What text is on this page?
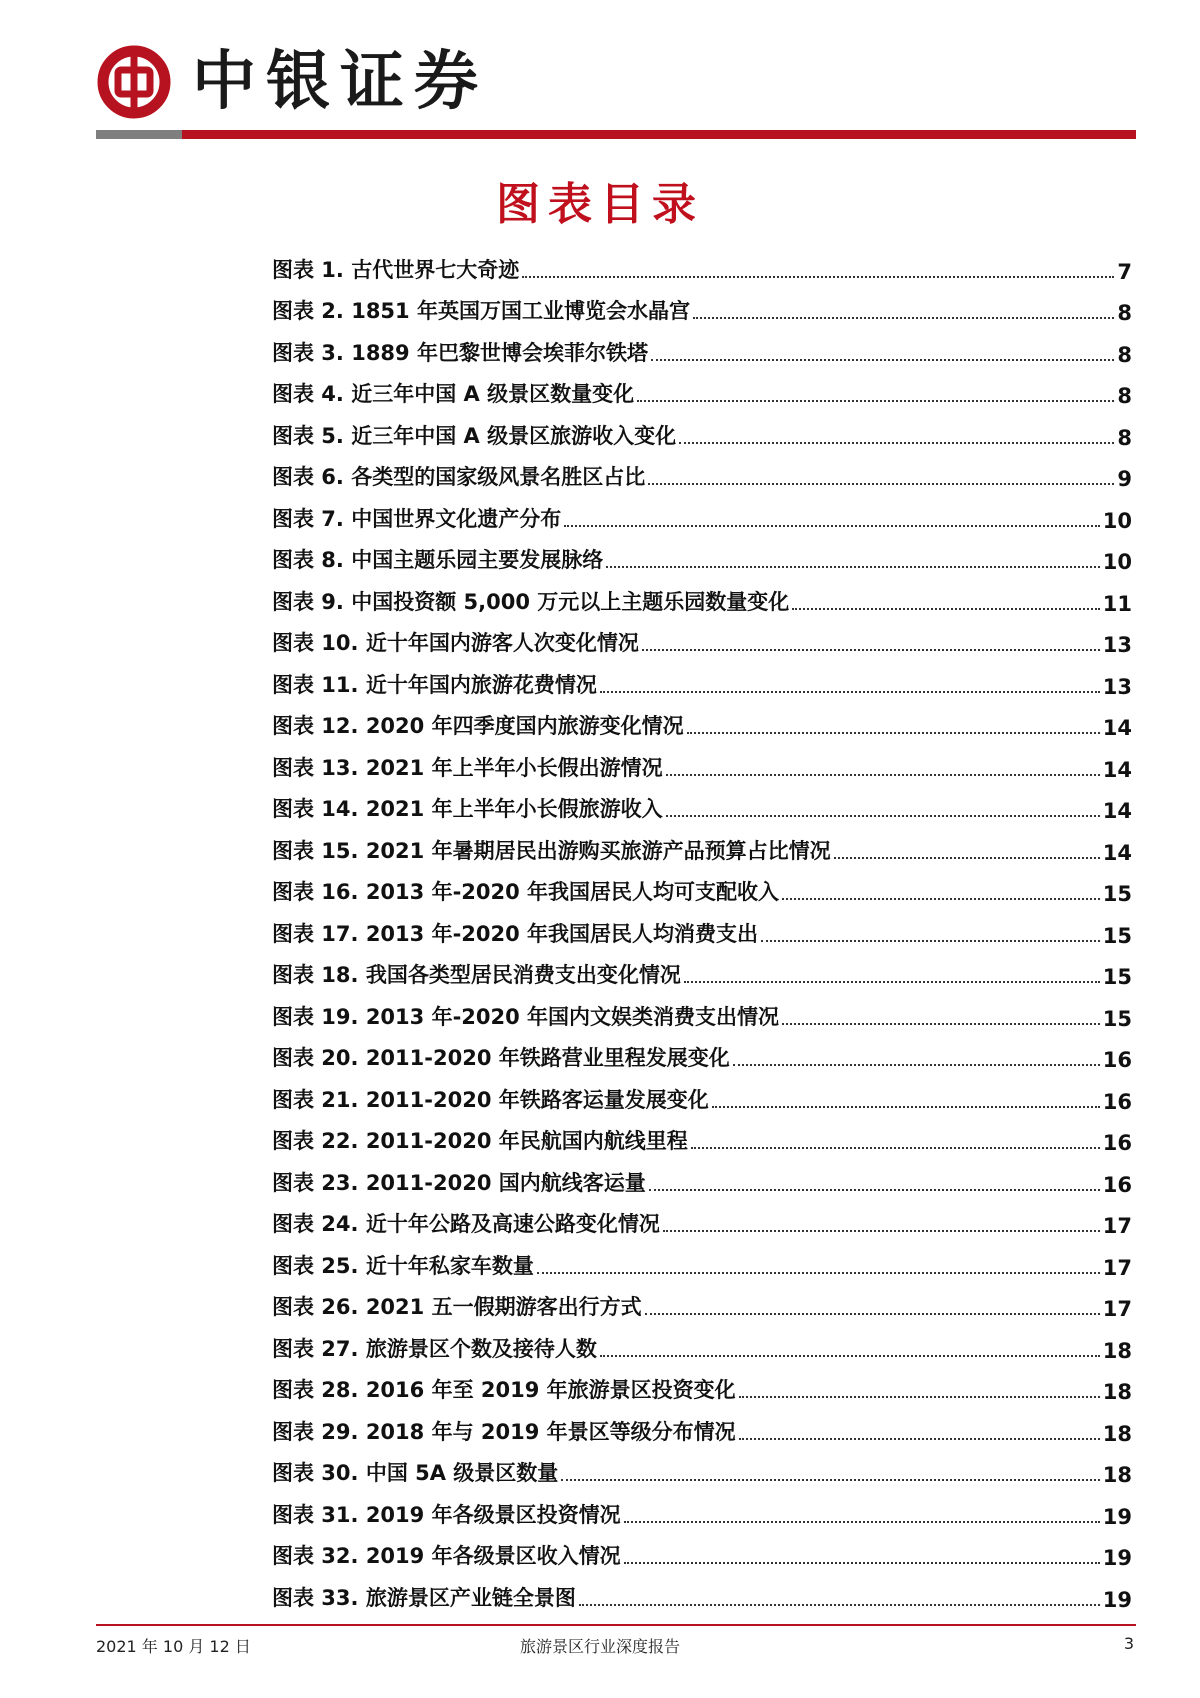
中银证券
图表目录
图表 1. 古代世界七大奇迹	7
图表 2. 1851 年英国万国工业博览会水晶宫	8
图表 3. 1889 年巴黎世博会埃菲尔铁塔	8
图表 4. 近三年中国 A 级景区数量变化	8
图表 5. 近三年中国 A 级景区旅游收入变化	8
图表 6. 各类型的国家级风景名胜区占比	9
图表 7. 中国世界文化遗产分布	10
图表 8. 中国主题乐园主要发展脉络	10
图表 9. 中国投资额 5,000 万元以上主题乐园数量变化	11
图表 10. 近十年国内游客人次变化情况	13
图表 11. 近十年国内旅游花费情况	13
图表 12. 2020 年四季度国内旅游变化情况	14
图表 13. 2021 年上半年小长假出游情况	14
图表 14. 2021 年上半年小长假旅游收入	14
图表 15. 2021 年暑期居民出游购买旅游产品预算占比情况	14
图表 16. 2013 年-2020 年我国居民人均可支配收入	15
图表 17. 2013 年-2020 年我国居民人均消费支出	15
图表 18. 我国各类型居民消费支出变化情况	15
图表 19. 2013 年-2020 年国内文娱类消费支出情况	15
图表 20. 2011-2020 年铁路营业里程发展变化	16
图表 21. 2011-2020 年铁路客运量发展变化	16
图表 22. 2011-2020 年民航国内航线里程	16
图表 23. 2011-2020 国内航线客运量	16
图表 24. 近十年公路及高速公路变化情况	17
图表 25. 近十年私家车数量	17
图表 26. 2021 五一假期游客出行方式	17
图表 27. 旅游景区个数及接待人数	18
图表 28. 2016 年至 2019 年旅游景区投资变化	18
图表 29. 2018 年与 2019 年景区等级分布情况	18
图表 30. 中国 5A 级景区数量	18
图表 31. 2019 年各级景区投资情况	19
图表 32. 2019 年各级景区收入情况	19
图表 33. 旅游景区产业链全景图	19
2021 年 10 月 12 日	旅游景区行业深度报告	3
